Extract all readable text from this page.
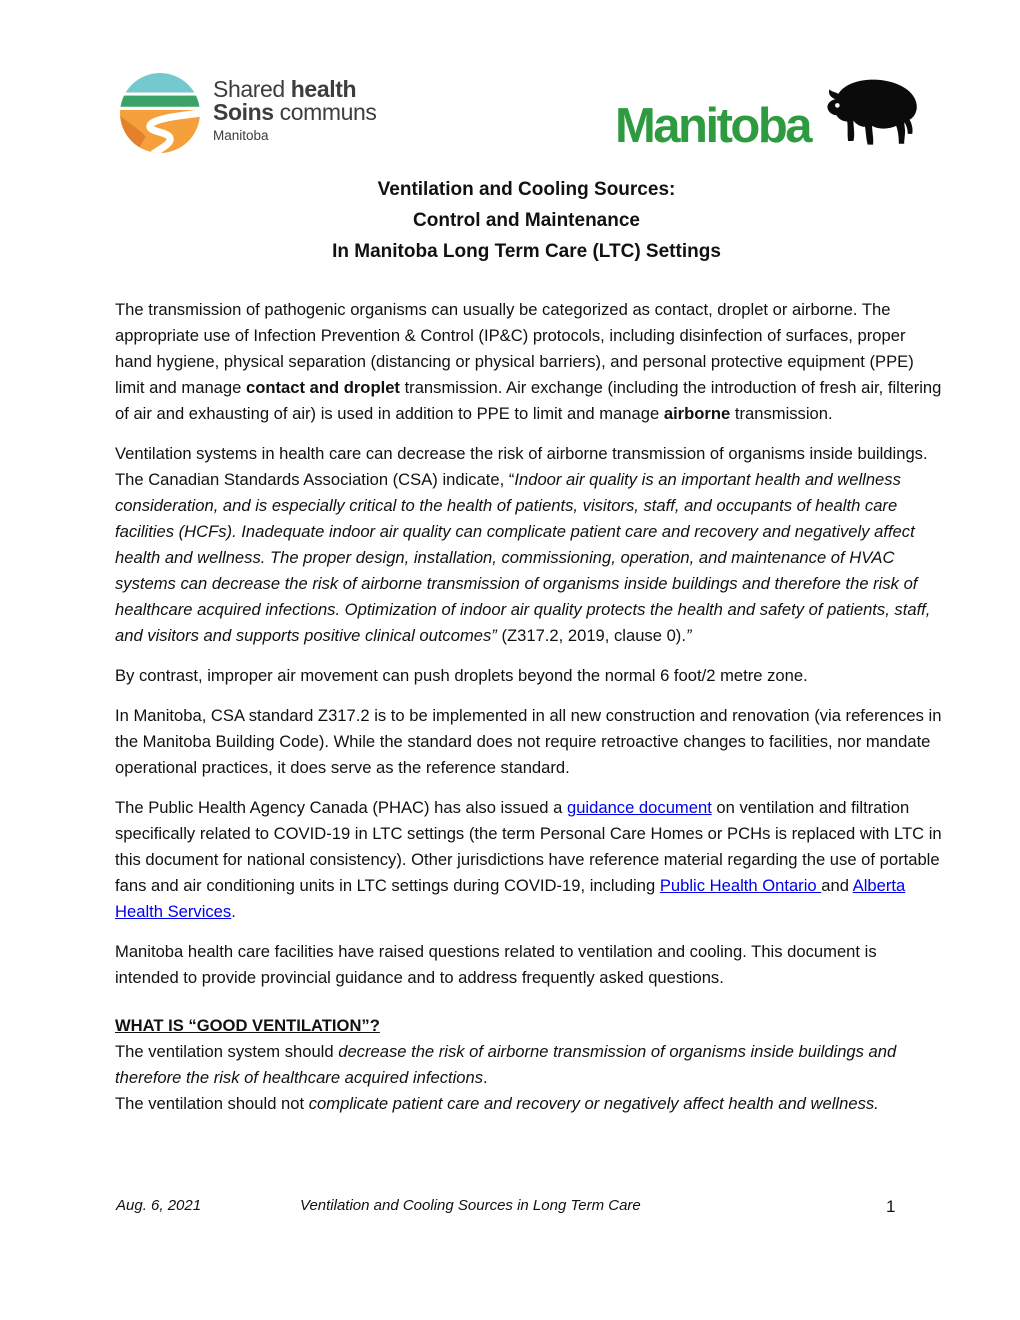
Shared health
Soins communs
Manitoba	Manitoba
Ventilation and Cooling Sources:
Control and Maintenance
In Manitoba Long Term Care (LTC) Settings

The transmission of pathogenic organisms can usually be categorized as contact, droplet or airborne. The appropriate use of Infection Prevention & Control (IP&C) protocols, including disinfection of surfaces, proper hand hygiene, physical separation (distancing or physical barriers), and personal protective equipment (PPE) limit and manage contact and droplet transmission. Air exchange (including the introduction of fresh air, filtering of air and exhausting of air) is used in addition to PPE to limit and manage airborne transmission.

Ventilation systems in health care can decrease the risk of airborne transmission of organisms inside buildings. The Canadian Standards Association (CSA) indicate, “Indoor air quality is an important health and wellness consideration, and is especially critical to the health of patients, visitors, staff, and occupants of health care facilities (HCFs). Inadequate indoor air quality can complicate patient care and recovery and negatively affect health and wellness. The proper design, installation, commissioning, operation, and maintenance of HVAC systems can decrease the risk of airborne transmission of organisms inside buildings and therefore the risk of healthcare acquired infections. Optimization of indoor air quality protects the health and safety of patients, staff, and visitors and supports positive clinical outcomes” (Z317.2, 2019, clause 0).”

By contrast, improper air movement can push droplets beyond the normal 6 foot/2 metre zone.

In Manitoba, CSA standard Z317.2 is to be implemented in all new construction and renovation (via references in the Manitoba Building Code). While the standard does not require retroactive changes to facilities, nor mandate operational practices, it does serve as the reference standard.

The Public Health Agency Canada (PHAC) has also issued a guidance document on ventilation and filtration specifically related to COVID-19 in LTC settings (the term Personal Care Homes or PCHs is replaced with LTC in this document for national consistency). Other jurisdictions have reference material regarding the use of portable fans and air conditioning units in LTC settings during COVID-19, including Public Health Ontario and Alberta Health Services.

Manitoba health care facilities have raised questions related to ventilation and cooling. This document is intended to provide provincial guidance and to address frequently asked questions.

WHAT IS “GOOD VENTILATION”?

The ventilation system should decrease the risk of airborne transmission of organisms inside buildings and therefore the risk of healthcare acquired infections.

The ventilation should not complicate patient care and recovery or negatively affect health and wellness.

Aug. 6, 2021	Ventilation and Cooling Sources in Long Term Care	1
